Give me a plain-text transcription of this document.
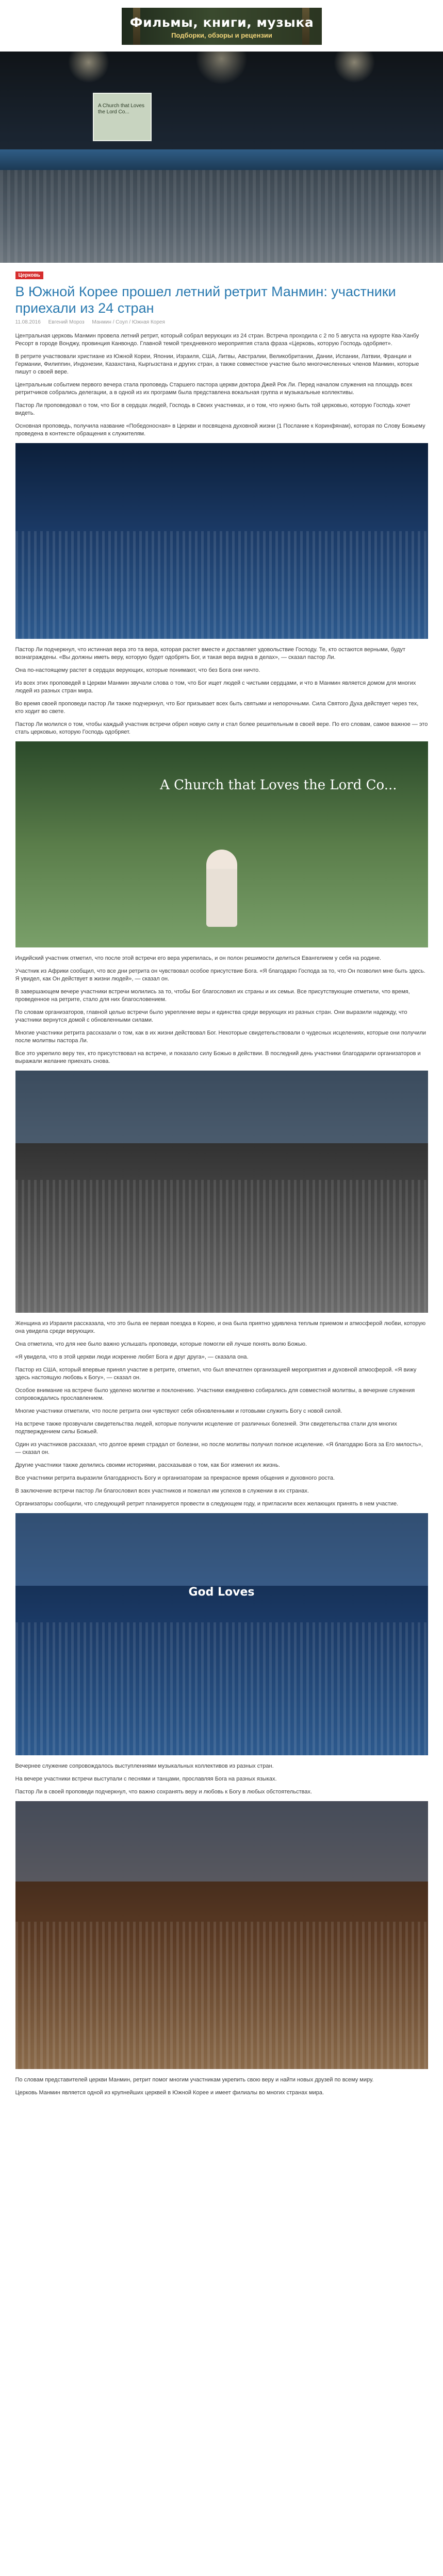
Фильмы, книги, музыка
Подборки, обзоры и рецензии
A Church that Loves the Lord Co...
Церковь
В Южной Корее прошел летний ретрит Манмин: участники приехали из 24 стран
11.08.2016 Евгений Мороз Манмин / Соул / Южная Корея

Центральная церковь Манмин провела летний ретрит, который собрал верующих из 24 стран. Встреча проходила с 2 по 5 августа на курорте Ква-Ханбу Ресорт в городе Вонджу, провинция Канвондо. Главной темой трехдневного мероприятия стала фраза «Церковь, которую Господь одобряет».

В ретрите участвовали христиане из Южной Кореи, Японии, Израиля, США, Литвы, Австралии, Великобритании, Дании, Испании, Латвии, Франции и Германии, Филиппин, Индонезии, Казахстана, Кыргызстана и других стран, а также совместное участие было многочисленных членов Манмин, которые пишут о своей вере.

Центральным событием первого вечера стала проповедь Старшего пастора церкви доктора Джей Рок Ли. Перед началом служения на площадь всех ретритчиков собрались делегации, а в одной из их программ была представлена вокальная группа и музыкальные коллективы.

Пастор Ли проповедовал о том, что Бог в сердцах людей, Господь в Своих участниках, и о том, что нужно быть той церковью, которую Господь хочет видеть.

Основная проповедь, получила название «Победоносная» в Церкви и посвящена духовной жизни (1 Послание к Коринфянам), которая по Слову Божьему проведена в контексте обращения к служителям.

Пастор Ли подчеркнул, что истинная вера это та вера, которая растет вместе и доставляет удовольствие Господу. Те, кто остаются верными, будут вознаграждены. «Вы должны иметь веру, которую будет одобрять Бог, и такая вера видна в делах», — сказал пастор Ли.

Она по-настоящему растет в сердцах верующих, которые понимают, что без Бога они ничто.

Из всех этих проповедей в Церкви Манмин звучали слова о том, что Бог ищет людей с чистыми сердцами, и что в Манмин является домом для многих людей из разных стран мира.

Во время своей проповеди пастор Ли также подчеркнул, что Бог призывает всех быть святыми и непорочными. Сила Святого Духа действует через тех, кто ходит во свете.

Пастор Ли молился о том, чтобы каждый участник встречи обрел новую силу и стал более решительным в своей вере. По его словам, самое важное — это стать церковью, которую Господь одобряет.

A Church that Loves the Lord Co...

Индийский участник отметил, что после этой встречи его вера укрепилась, и он полон решимости делиться Евангелием у себя на родине.

Участник из Африки сообщил, что все дни ретрита он чувствовал особое присутствие Бога. «Я благодарю Господа за то, что Он позволил мне быть здесь. Я увидел, как Он действует в жизни людей», — сказал он.

В завершающем вечере участники встречи молились за то, чтобы Бог благословил их страны и их семьи. Все присутствующие отметили, что время, проведенное на ретрите, стало для них благословением.

По словам организаторов, главной целью встречи было укрепление веры и единства среди верующих из разных стран. Они выразили надежду, что участники вернутся домой с обновленными силами.

Многие участники ретрита рассказали о том, как в их жизни действовал Бог. Некоторые свидетельствовали о чудесных исцелениях, которые они получили после молитвы пастора Ли.

Все это укрепило веру тех, кто присутствовал на встрече, и показало силу Божью в действии. В последний день участники благодарили организаторов и выражали желание приехать снова.

Женщина из Израиля рассказала, что это была ее первая поездка в Корею, и она была приятно удивлена теплым приемом и атмосферой любви, которую она увидела среди верующих.

Она отметила, что для нее было важно услышать проповеди, которые помогли ей лучше понять волю Божью.

«Я увидела, что в этой церкви люди искренне любят Бога и друг друга», — сказала она.

Пастор из США, который впервые принял участие в ретрите, отметил, что был впечатлен организацией мероприятия и духовной атмосферой. «Я вижу здесь настоящую любовь к Богу», — сказал он.

Особое внимание на встрече было уделено молитве и поклонению. Участники ежедневно собирались для совместной молитвы, а вечерние служения сопровождались прославлением.

Многие участники отметили, что после ретрита они чувствуют себя обновленными и готовыми служить Богу с новой силой.

На встрече также прозвучали свидетельства людей, которые получили исцеление от различных болезней. Эти свидетельства стали для многих подтверждением силы Божьей.

Один из участников рассказал, что долгое время страдал от болезни, но после молитвы получил полное исцеление. «Я благодарю Бога за Его милость», — сказал он.

Другие участники также делились своими историями, рассказывая о том, как Бог изменил их жизнь.

Все участники ретрита выразили благодарность Богу и организаторам за прекрасное время общения и духовного роста.

В заключение встречи пастор Ли благословил всех участников и пожелал им успехов в служении в их странах.

Организаторы сообщили, что следующий ретрит планируется провести в следующем году, и пригласили всех желающих принять в нем участие.

God Loves

Вечернее служение сопровождалось выступлениями музыкальных коллективов из разных стран.

На вечере участники встречи выступали с песнями и танцами, прославляя Бога на разных языках.

Пастор Ли в своей проповеди подчеркнул, что важно сохранять веру и любовь к Богу в любых обстоятельствах.

По словам представителей церкви Манмин, ретрит помог многим участникам укрепить свою веру и найти новых друзей по всему миру.

Церковь Манмин является одной из крупнейших церквей в Южной Корее и имеет филиалы во многих странах мира.
